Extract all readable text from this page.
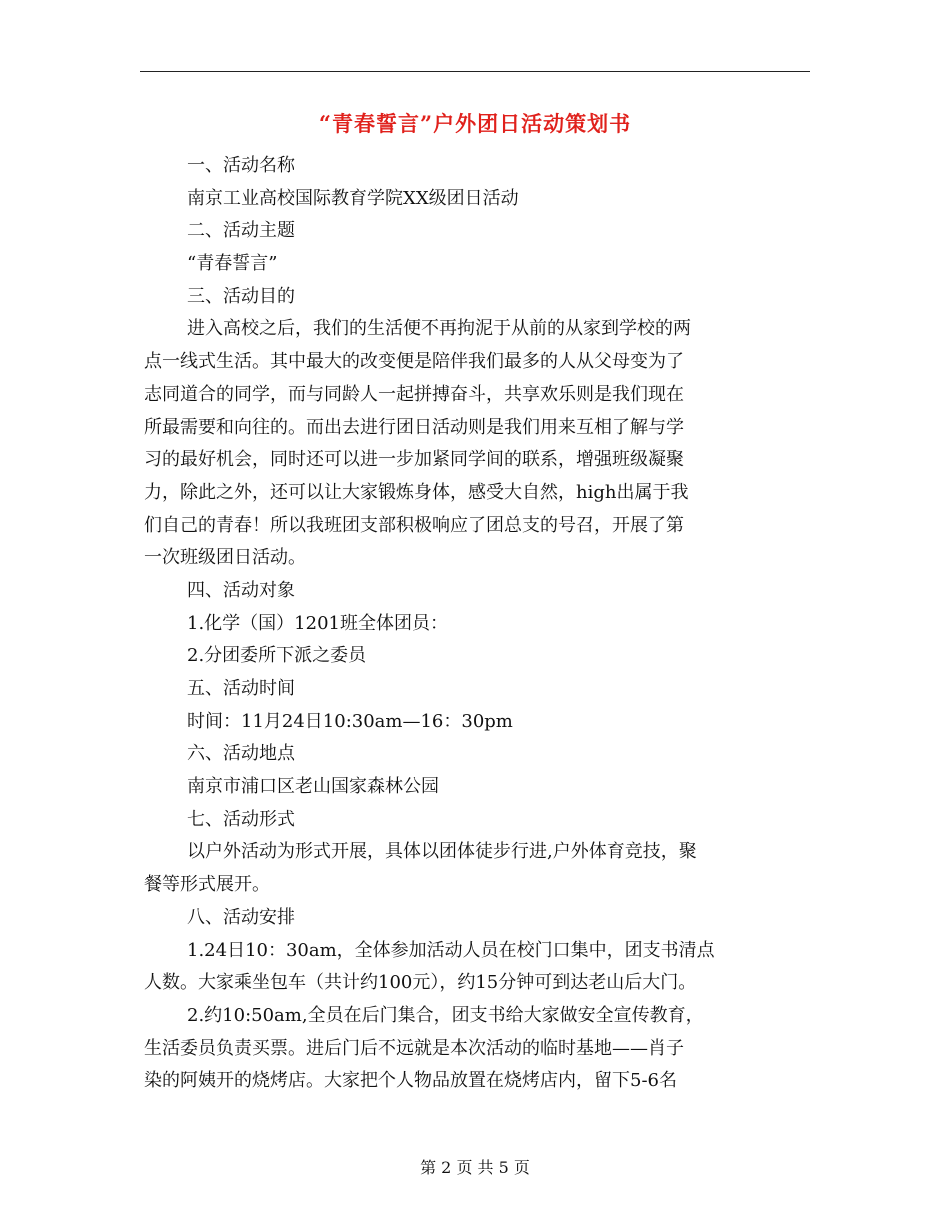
“青春誓言”户外团日活动策划书
一、活动名称
南京工业高校国际教育学院XX级团日活动
二、活动主题
“青春誓言”
三、活动目的
进入高校之后，我们的生活便不再拘泥于从前的从家到学校的两
点一线式生活。其中最大的改变便是陪伴我们最多的人从父母变为了
志同道合的同学，而与同龄人一起拼搏奋斗，共享欢乐则是我们现在
所最需要和向往的。而出去进行团日活动则是我们用来互相了解与学
习的最好机会，同时还可以进一步加紧同学间的联系，增强班级凝聚
力，除此之外，还可以让大家锻炼身体，感受大自然，high出属于我
们自己的青春！所以我班团支部积极响应了团总支的号召，开展了第
一次班级团日活动。
四、活动对象
1.化学（国）1201班全体团员：
2.分团委所下派之委员
五、活动时间
时间：11月24日10:30am—16：30pm
六、活动地点
南京市浦口区老山国家森林公园
七、活动形式
以户外活动为形式开展，具体以团体徒步行进,户外体育竞技，聚
餐等形式展开。
八、活动安排
1.24日10：30am，全体参加活动人员在校门口集中，团支书清点
人数。大家乘坐包车（共计约100元），约15分钟可到达老山后大门。
2.约10:50am,全员在后门集合，团支书给大家做安全宣传教育，
生活委员负责买票。进后门后不远就是本次活动的临时基地——肖子
染的阿姨开的烧烤店。大家把个人物品放置在烧烤店内，留下5-6名
第 2 页 共 5 页
